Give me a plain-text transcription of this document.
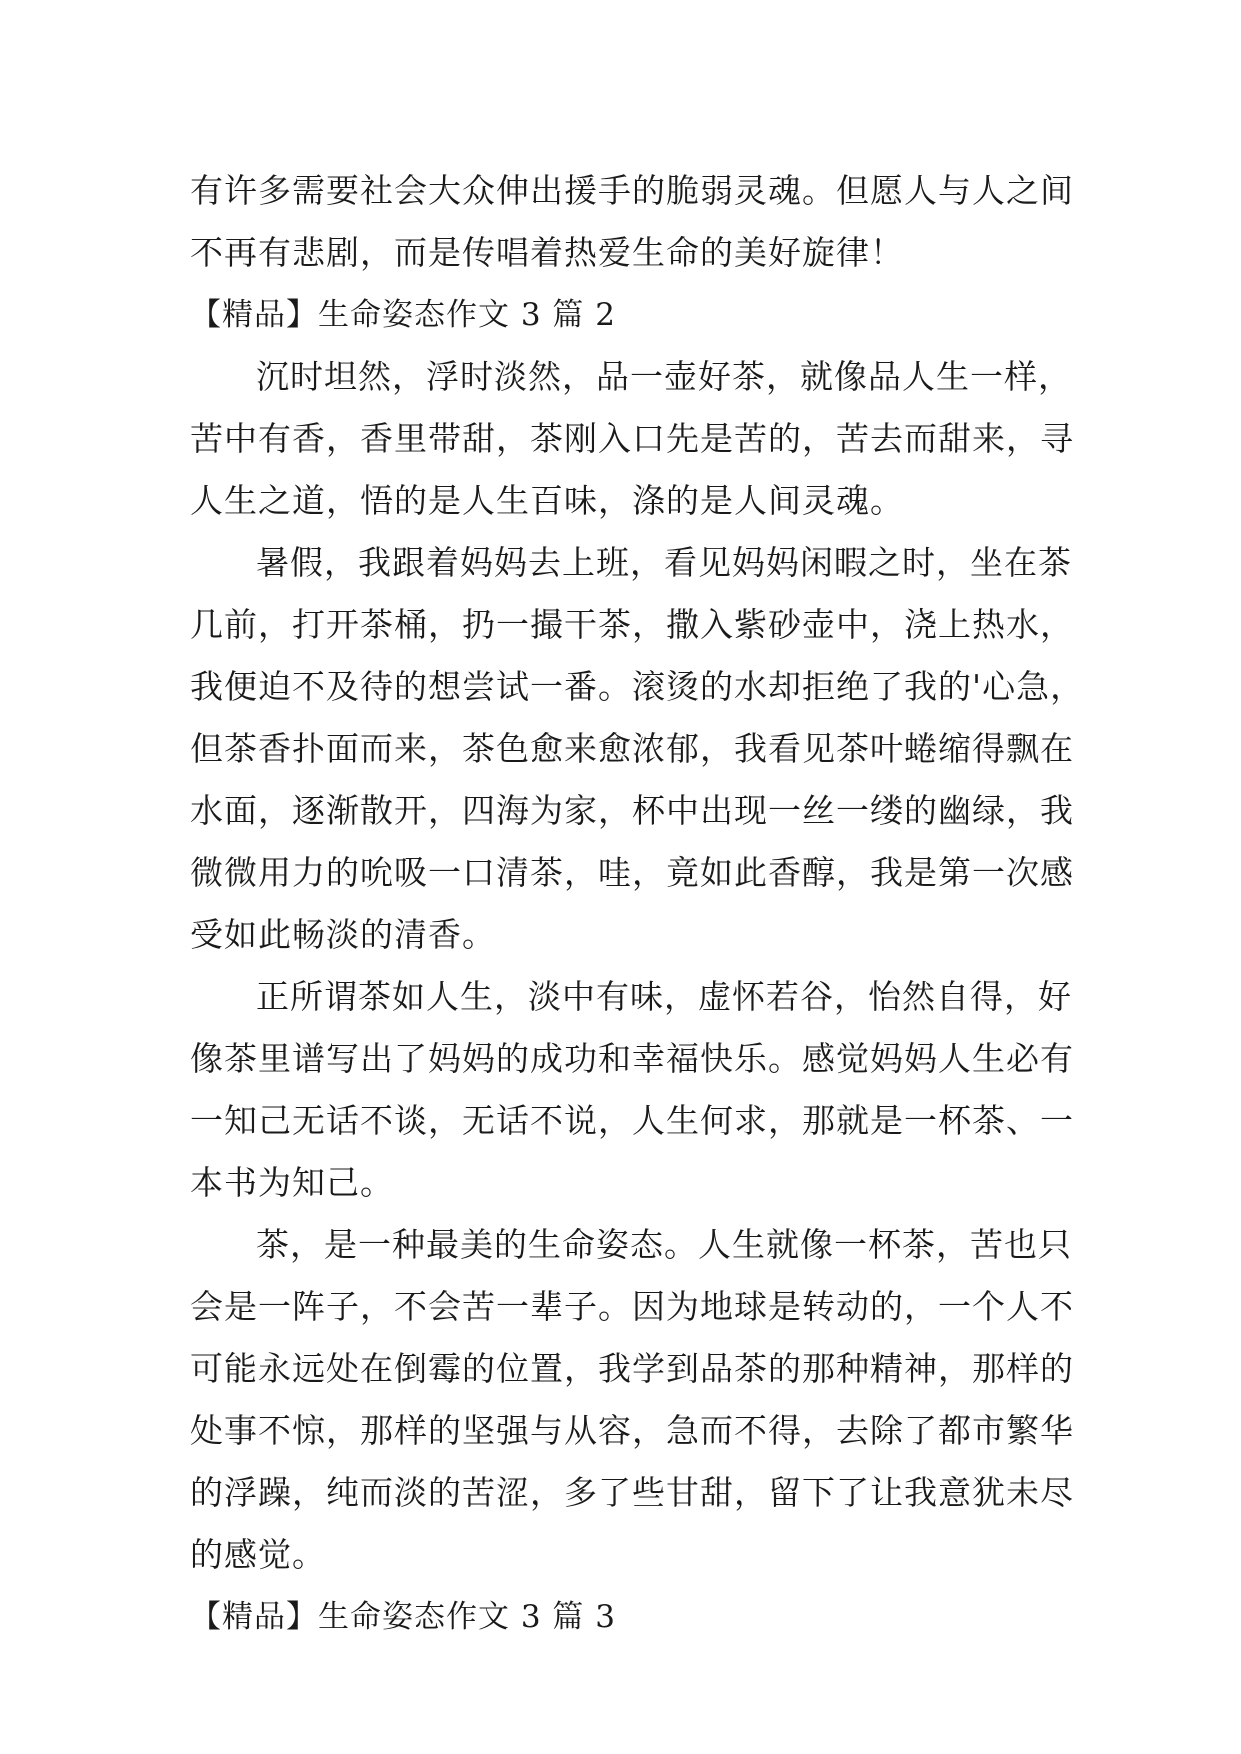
有许多需要社会大众伸出援手的脆弱灵魂。但愿人与人之间
不再有悲剧，而是传唱着热爱生命的美好旋律！
【精品】生命姿态作文 3 篇 2
沉时坦然，浮时淡然，品一壶好茶，就像品人生一样，
苦中有香，香里带甜，茶刚入口先是苦的，苦去而甜来，寻
人生之道，悟的是人生百味，涤的是人间灵魂。
暑假，我跟着妈妈去上班，看见妈妈闲暇之时，坐在茶
几前，打开茶桶，扔一撮干茶，撒入紫砂壶中，浇上热水，
我便迫不及待的想尝试一番。滚烫的水却拒绝了我的'心急，
但茶香扑面而来，茶色愈来愈浓郁，我看见茶叶蜷缩得飘在
水面，逐渐散开，四海为家，杯中出现一丝一缕的幽绿，我
微微用力的吮吸一口清茶，哇，竟如此香醇，我是第一次感
受如此畅淡的清香。
正所谓茶如人生，淡中有味，虚怀若谷，怡然自得，好
像茶里谱写出了妈妈的成功和幸福快乐。感觉妈妈人生必有
一知己无话不谈，无话不说，人生何求，那就是一杯茶、一
本书为知己。
茶，是一种最美的生命姿态。人生就像一杯茶，苦也只
会是一阵子，不会苦一辈子。因为地球是转动的，一个人不
可能永远处在倒霉的位置，我学到品茶的那种精神，那样的
处事不惊，那样的坚强与从容，急而不得，去除了都市繁华
的浮躁，纯而淡的苦涩，多了些甘甜，留下了让我意犹未尽
的感觉。
【精品】生命姿态作文 3 篇 3
